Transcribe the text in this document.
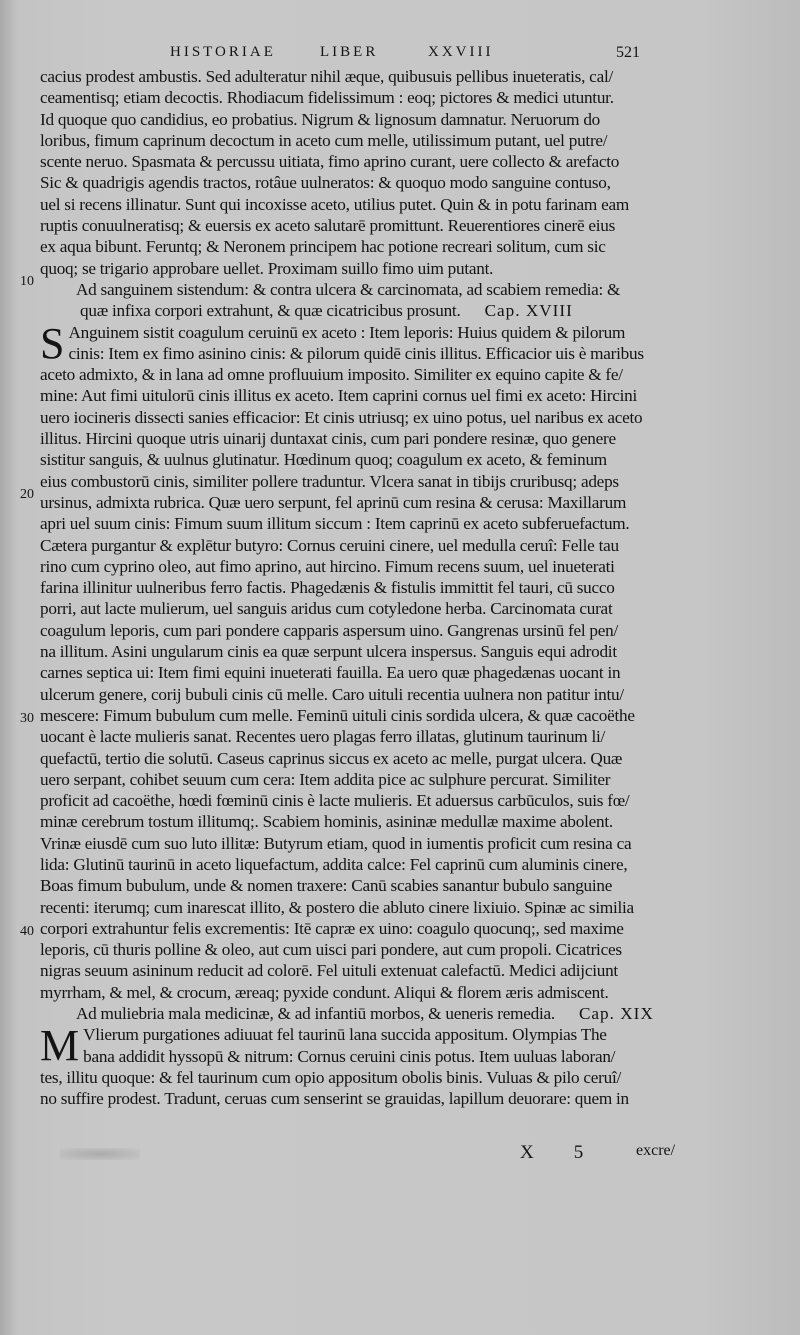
HISTORIAE	LIBER	XXVIII	521
10
20
30
40
cacius prodest ambustis. Sed adulteratur nihil æque, quibusuis pellibus inueteratis, cal/
ceamentisq; etiam decoctis. Rhodiacum fidelissimum : eoq; pictores & medici utuntur.
Id quoque quo candidius, eo probatius. Nigrum & lignosum damnatur. Neruorum do
loribus, fimum caprinum decoctum in aceto cum melle, utilissimum putant, uel putre/
scente neruo. Spasmata & percussu uitiata, fimo aprino curant, uere collecto & arefacto
Sic & quadrigis agendis tractos, rotâue uulneratos: & quoquo modo sanguine contuso,
uel si recens illinatur. Sunt qui incoxisse aceto, utilius putet. Quin & in potu farinam eam
ruptis conuulneratisq; & euersis ex aceto salutarē promittunt. Reuerentiores cinerē eius
ex aqua bibunt. Feruntq; & Neronem principem hac potione recreari solitum, cum sic
quoq; se trigario approbare uellet. Proximam suillo fimo uim putant.
Ad sanguinem sistendum: & contra ulcera & carcinomata, ad scabiem remedia: &
quæ infixa corpori extrahunt, & quæ cicatricibus prosunt. Cap. XVIII
S Anguinem sistit coagulum ceruinū ex aceto : Item leporis: Huius quidem & pilorum
cinis: Item ex fimo asinino cinis: & pilorum quidē cinis illitus. Efficacior uis è maribus
aceto admixto, & in lana ad omne profluuium imposito. Similiter ex equino capite & fe/
mine: Aut fimi uitulorū cinis illitus ex aceto. Item caprini cornus uel fimi ex aceto: Hircini
uero iocineris dissecti sanies efficacior: Et cinis utriusq; ex uino potus, uel naribus ex aceto
illitus. Hircini quoque utris uinarij duntaxat cinis, cum pari pondere resinæ, quo genere
sistitur sanguis, & uulnus glutinatur. Hœdinum quoq; coagulum ex aceto, & feminum
eius combustorū cinis, similiter pollere traduntur. Vlcera sanat in tibijs cruribusq; adeps
ursinus, admixta rubrica. Quæ uero serpunt, fel aprinū cum resina & cerusa: Maxillarum
apri uel suum cinis: Fimum suum illitum siccum : Item caprinū ex aceto subferuefactum.
Cætera purgantur & explētur butyro: Cornus ceruini cinere, uel medulla ceruî: Felle tau
rino cum cyprino oleo, aut fimo aprino, aut hircino. Fimum recens suum, uel inueterati
farina illinitur uulneribus ferro factis. Phagedænis & fistulis immittit fel tauri, cū succo
porri, aut lacte mulierum, uel sanguis aridus cum cotyledone herba. Carcinomata curat
coagulum leporis, cum pari pondere capparis aspersum uino. Gangrenas ursinū fel pen/
na illitum. Asini ungularum cinis ea quæ serpunt ulcera inspersus. Sanguis equi adrodit
carnes septica ui: Item fimi equini inueterati fauilla. Ea uero quæ phagedænas uocant in
ulcerum genere, corij bubuli cinis cū melle. Caro uituli recentia uulnera non patitur intu/
mescere: Fimum bubulum cum melle. Feminū uituli cinis sordida ulcera, & quæ cacoëthe
uocant è lacte mulieris sanat. Recentes uero plagas ferro illatas, glutinum taurinum li/
quefactū, tertio die solutū. Caseus caprinus siccus ex aceto ac melle, purgat ulcera. Quæ
uero serpant, cohibet seuum cum cera: Item addita pice ac sulphure percurat. Similiter
proficit ad cacoëthe, hœdi fœminū cinis è lacte mulieris. Et aduersus carbūculos, suis fœ/
minæ cerebrum tostum illitumq;. Scabiem hominis, asininæ medullæ maxime abolent.
Vrinæ eiusdē cum suo luto illitæ: Butyrum etiam, quod in iumentis proficit cum resina ca
lida: Glutinū taurinū in aceto liquefactum, addita calce: Fel caprinū cum aluminis cinere,
Boas fimum bubulum, unde & nomen traxere: Canū scabies sanantur bubulo sanguine
recenti: iterumq; cum inarescat illito, & postero die abluto cinere lixiuio. Spinæ ac similia
corpori extrahuntur felis excrementis: Itē capræ ex uino: coagulo quocunq;, sed maxime
leporis, cū thuris polline & oleo, aut cum uisci pari pondere, aut cum propoli. Cicatrices
nigras seuum asininum reducit ad colorē. Fel uituli extenuat calefactū. Medici adijciunt
myrrham, & mel, & crocum, æreaq; pyxide condunt. Aliqui & florem æris admiscent.
Ad muliebria mala medicinæ, & ad infantiū morbos, & ueneris remedia. Cap. XIX
M Vlierum purgationes adiuuat fel taurinū lana succida appositum. Olympias The
bana addidit hyssopū & nitrum: Cornus ceruini cinis potus. Item uuluas laboran/
tes, illitu quoque: & fel taurinum cum opio appositum obolis binis. Vuluas & pilo ceruî/
no suffire prodest. Tradunt, ceruas cum senserint se grauidas, lapillum deuorare: quem in
X 5	excre/
